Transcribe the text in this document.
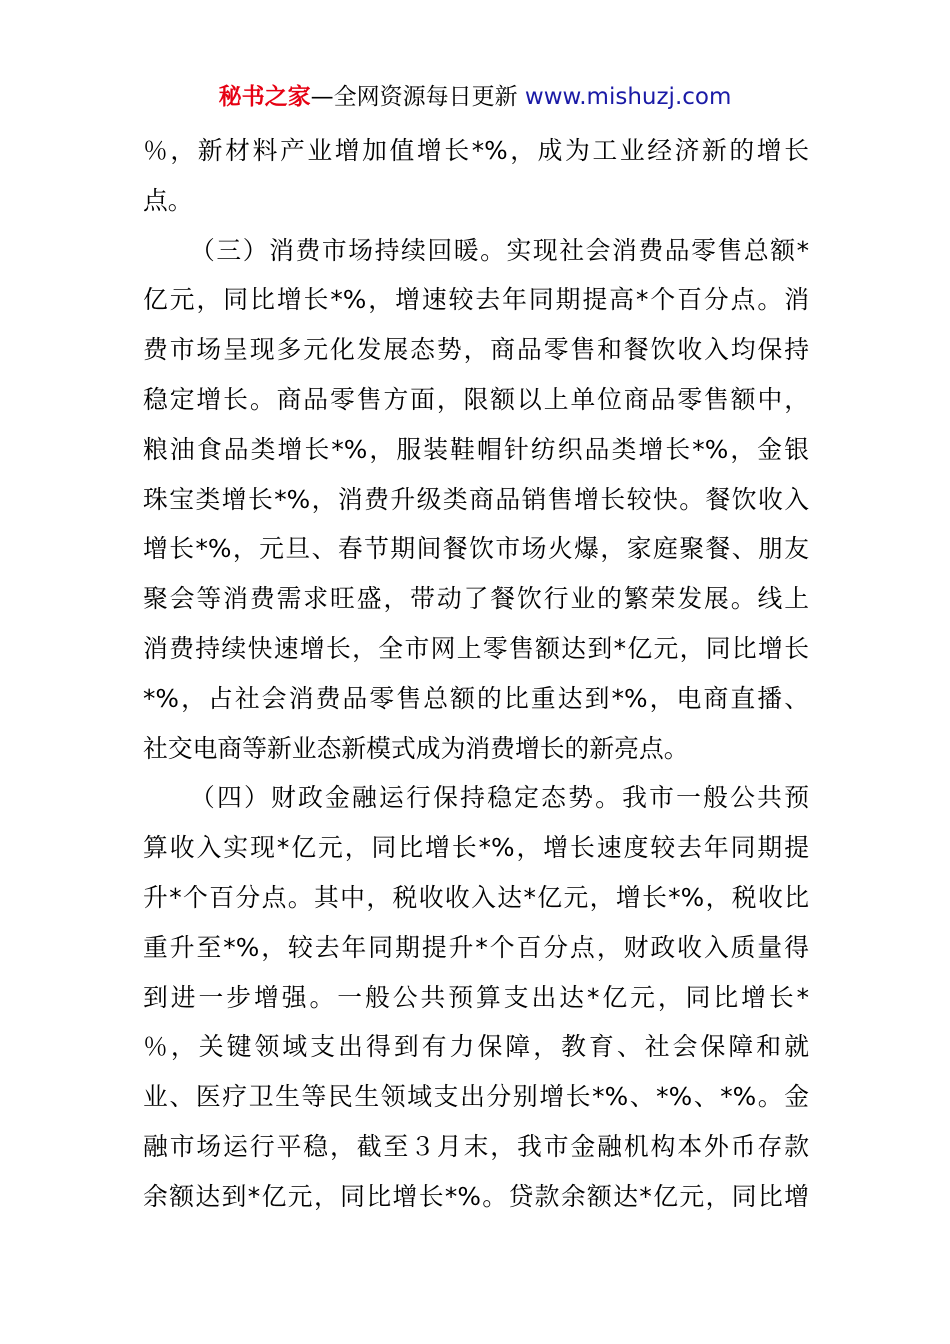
秘书之家—全网资源每日更新 www.mishuzj.com
％，新材料产业增加值增长*%，成为工业经济新的增长
点。
（三）消费市场持续回暖。实现社会消费品零售总额*
亿元，同比增长*%，增速较去年同期提高*个百分点。消
费市场呈现多元化发展态势，商品零售和餐饮收入均保持
稳定增长。商品零售方面，限额以上单位商品零售额中，
粮油食品类增长*%，服装鞋帽针纺织品类增长*%，金银
珠宝类增长*%，消费升级类商品销售增长较快。餐饮收入
增长*%，元旦、春节期间餐饮市场火爆，家庭聚餐、朋友
聚会等消费需求旺盛，带动了餐饮行业的繁荣发展。线上
消费持续快速增长，全市网上零售额达到*亿元，同比增长
*%，占社会消费品零售总额的比重达到*%，电商直播、
社交电商等新业态新模式成为消费增长的新亮点。
（四）财政金融运行保持稳定态势。我市一般公共预
算收入实现*亿元，同比增长*%，增长速度较去年同期提
升*个百分点。其中，税收收入达*亿元，增长*%，税收比
重升至*%，较去年同期提升*个百分点，财政收入质量得
到进一步增强。一般公共预算支出达*亿元，同比增长*
％，关键领域支出得到有力保障，教育、社会保障和就
业、医疗卫生等民生领域支出分别增长*%、*%、*%。金
融市场运行平稳，截至３月末，我市金融机构本外币存款
余额达到*亿元，同比增长*%。贷款余额达*亿元，同比增
